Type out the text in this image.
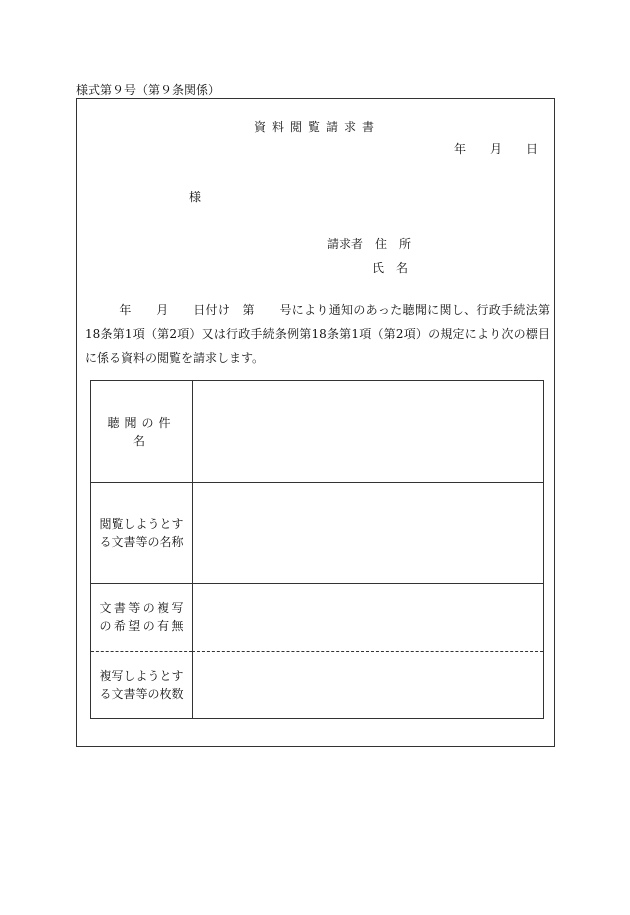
様式第９号（第９条関係）
資料閲覧請求書
年　　月　　日
様
請求者　住　所
氏　名
年　　月　　日付け　第　　号により通知のあった聴聞に関し、行政手続法第18条第1項（第2項）又は行政手続条例第18条第1項（第2項）の規定により次の標目に係る資料の閲覧を請求します。
聴聞の件名
閲覧しようとす
る文書等の名称
文書等の複写
の希望の有無
複写しようとす
る文書等の枚数
